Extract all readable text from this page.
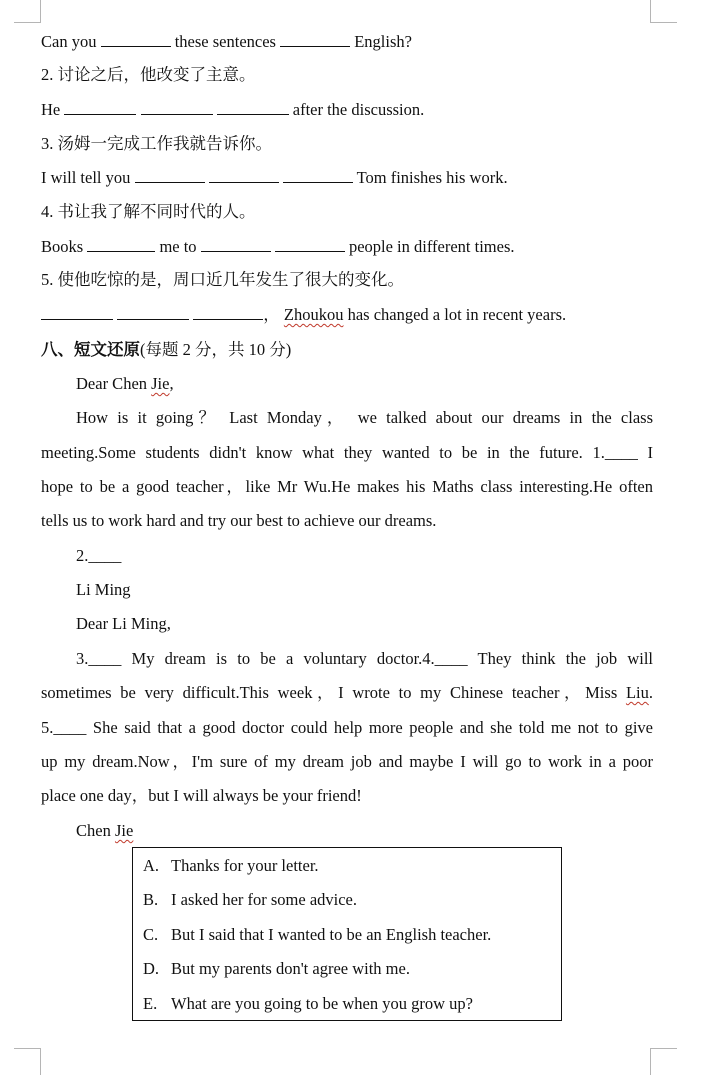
Can you	these sentences	English?
2. 讨论之后，他改变了主意。
He	after the discussion.
3. 汤姆一完成工作我就告诉你。
I will tell you	Tom finishes his work.
4. 书让我了解不同时代的人。
Books	me to	people in different times.
5. 使他吃惊的是，周口近几年发生了很大的变化。
， Zhoukou has changed a lot in recent years.
八、短文还原(每题 2 分，共 10 分)
Dear Chen Jie,
How is it going？ Last Monday， we talked about our dreams in the class
meeting.Some students didn't know what they wanted to be in the future. 1.____ I
hope to be a good teacher，like Mr Wu.He makes his Maths class interesting.He often
tells us to work hard and try our best to achieve our dreams.
2.____
Li Ming
Dear Li Ming,
3.____ My dream is to be a voluntary doctor.4.____ They think the job will
sometimes be very difficult.This week，I wrote to my Chinese teacher，Miss Liu.
5.____ She said that a good doctor could help more people and she told me not to give
up my dream.Now，I'm sure of my dream job and maybe I will go to work in a poor
place one day，but I will always be your friend!
Chen Jie
A. Thanks for your letter.
B. I asked her for some advice.
C. But I said that I wanted to be an English teacher.
D. But my parents don't agree with me.
E. What are you going to be when you grow up?
